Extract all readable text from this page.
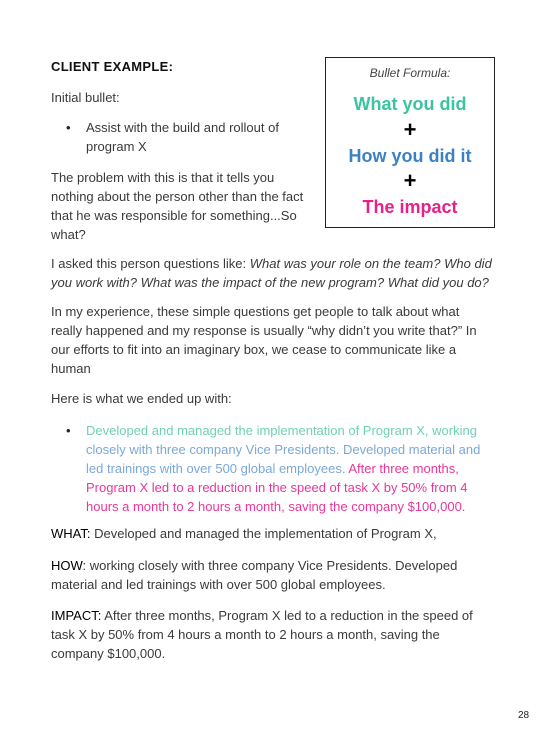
CLIENT EXAMPLE:	Bullet Formula:
What you did
+
How you did it
+
The impact
Initial bullet:
• Assist with the build and rollout of
program X
The problem with this is that it tells you
nothing about the person other than the fact
that he was responsible for something...So
what?
I asked this person questions like: What was your role on the team? Who did
you work with? What was the impact of the new program? What did you do?
In my experience, these simple questions get people to talk about what
really happened and my response is usually “why didn’t you write that?” In
our efforts to fit into an imaginary box, we cease to communicate like a
human
Here is what we ended up with:
• Developed and managed the implementation of Program X, working
closely with three company Vice Presidents. Developed material and
led trainings with over 500 global employees. After three months,
Program X led to a reduction in the speed of task X by 50% from 4
hours a month to 2 hours a month, saving the company $100,000.
WHAT: Developed and managed the implementation of Program X,
HOW: working closely with three company Vice Presidents. Developed
material and led trainings with over 500 global employees.
IMPACT: After three months, Program X led to a reduction in the speed of
task X by 50% from 4 hours a month to 2 hours a month, saving the
company $100,000.
28
